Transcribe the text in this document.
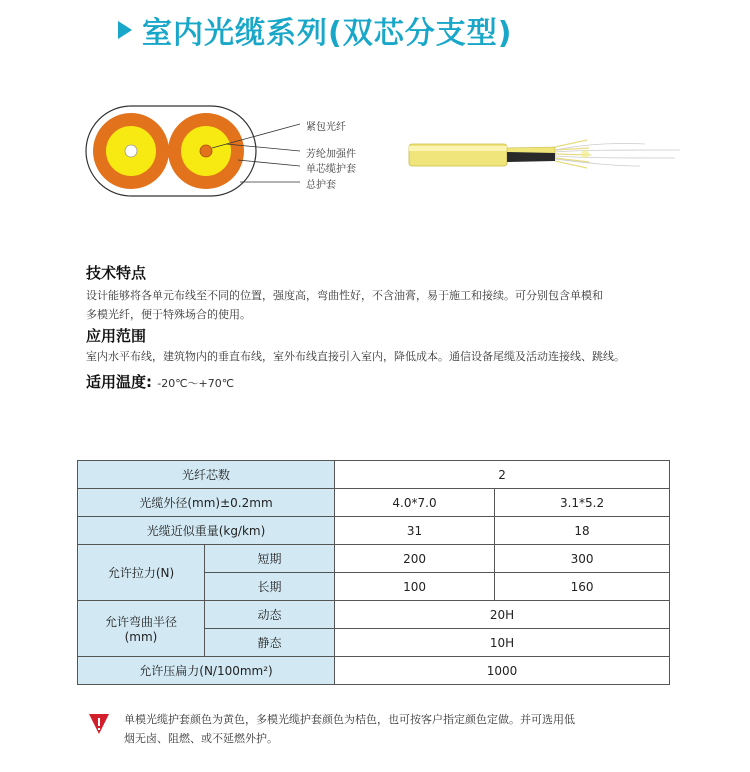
室内光缆系列(双芯分支型)
紧包光纤
芳纶加强件
单芯缆护套
总护套
技术特点
设计能够将各单元布线至不同的位置，强度高，弯曲性好，不含油膏，易于施工和接续。可分别包含单模和
多模光纤，便于特殊场合的使用。
应用范围
室内水平布线，建筑物内的垂直布线，室外布线直接引入室内，降低成本。通信设备尾缆及活动连接线、跳线。
适用温度: -20℃～+70℃
光纤芯数		2	
光缆外径(mm)±0.2mm		4.0*7.0	3.1*5.2
光缆近似重量(kg/km)		31	18
允许拉力(N)	短期	200	300
	长期	100	160

允许弯曲半径
(mm)	动态	20H	
	静态	10H	
允许压扁力(N/100mm²)		1000	
单模光缆护套颜色为黄色，多模光缆护套颜色为桔色，也可按客户指定颜色定做。并可选用低
烟无卤、阻燃、或不延燃外护。
